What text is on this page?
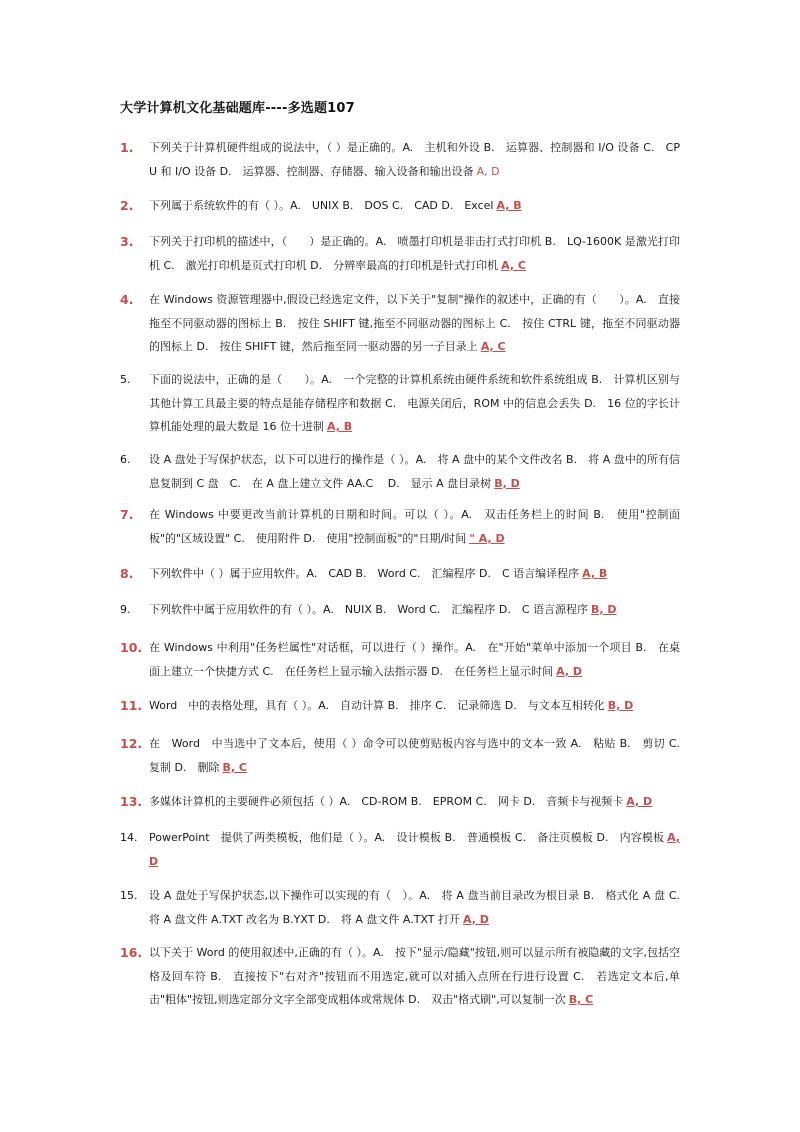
大学计算机文化基础题库----多选题107
1.	下列关于计算机硬件组成的说法中，（ ）是正确的。A.　主机和外设 B.　运算器、控制器和 I/O 设备 C.　CPU 和 I/O 设备 D.　运算器、控制器、存储器、输入设备和输出设备 A, D
2.	下列属于系统软件的有（ ）。A.　UNIX B.　DOS C.　CAD D.　Excel A, B
3.	下列关于打印机的描述中，（　　）是正确的。A.　喷墨打印机是非击打式打印机 B.　LQ-1600K 是激光打印机 C.　激光打印机是页式打印机 D.　分辨率最高的打印机是针式打印机 A, C
4.	在 Windows 资源管理器中,假设已经选定文件，以下关于"复制"操作的叙述中，正确的有（　　）。A.　直接拖至不同驱动器的图标上 B.　按住 SHIFT 键,拖至不同驱动器的图标上 C.　按住 CTRL 键，拖至不同驱动器的图标上 D.　按住 SHIFT 键，然后拖至同一驱动器的另一子目录上 A, C
5.	下面的说法中，正确的是（　　）。A.　一个完整的计算机系统由硬件系统和软件系统组成 B.　计算机区别与其他计算工具最主要的特点是能存储程序和数据 C.　电源关闭后，ROM 中的信息会丢失 D.　16 位的字长计算机能处理的最大数是 16 位十进制 A, B
6.	设 A 盘处于写保护状态，以下可以进行的操作是（ ）。A.　将 A 盘中的某个文件改名 B.　将 A 盘中的所有信息复制到 C 盘　C.　在 A 盘上建立文件 AA.C　 D.　显示 A 盘目录树 B, D
7.	在 Windows 中要更改当前计算机的日期和时间。可以（ ）。A.　双击任务栏上的时间 B.　使用"控制面板"的"区域设置" C.　使用附件 D.　使用"控制面板"的"日期/时间 " A, D
8.	下列软件中（ ）属于应用软件。A.　CAD B.　Word C.　汇编程序 D.　C 语言编译程序 A, B
9.	下列软件中属于应用软件的有（ ）。A.　NUIX B.　Word C.　汇编程序 D.　C 语言源程序 B, D
10. 在 Windows 中利用"任务栏属性"对话框，可以进行（ ）操作。A.　在"开始"菜单中添加一个项目 B.　在桌面上建立一个快捷方式 C.　在任务栏上显示输入法指示器 D.　在任务栏上显示时间 A, D
11. Word　中的表格处理，具有（ ）。A.　自动计算 B.　排序 C.　记录筛选 D.　与文本互相转化 B, D
12. 在　Word　中当选中了文本后，使用（ ）命令可以使剪贴板内容与选中的文本一致 A.　粘贴 B.　剪切 C.　复制 D.　删除 B, C
13. 多媒体计算机的主要硬件必须包括（ ）A.　CD-ROM B.　EPROM C.　网卡 D.　音频卡与视频卡 A, D
14.	PowerPoint　提供了两类模板，他们是（ ）。A.　设计模板 B.　普通模板 C.　备注页模板 D.　内容模板 A, D
15.	设 A 盘处于写保护状态,以下操作可以实现的有（　）。A.　将 A 盘当前目录改为根目录 B.　格式化 A 盘 C.　将 A 盘文件 A.TXT 改名为 B.YXT D.　将 A 盘文件 A.TXT 打开 A, D
16. 以下关于 Word 的使用叙述中,正确的有（ ）。A.　按下"显示/隐藏"按钮,则可以显示所有被隐藏的文字,包括空格及回车符 B.　直接按下"右对齐"按钮而不用选定,就可以对插入点所在行进行设置 C.　若选定文本后,单击"粗体"按钮,则选定部分文字全部变成粗体或常规体 D.　双击"格式刷",可以复制一次 B, C
